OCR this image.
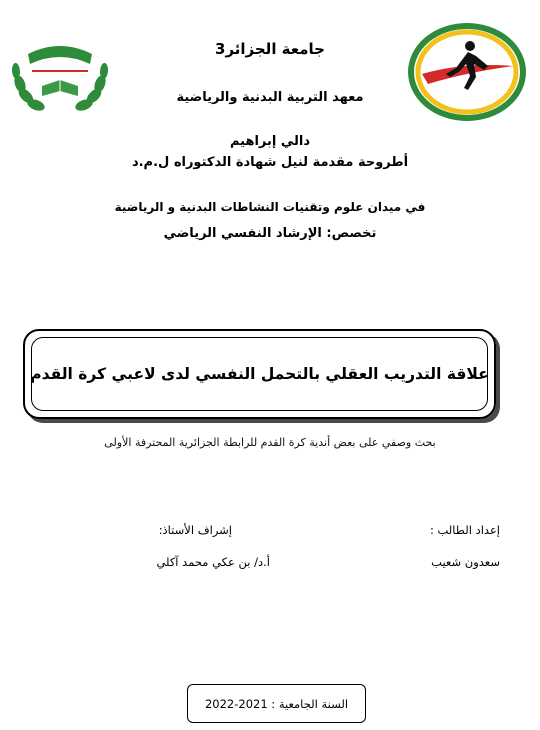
جامعة الجزائر3
معهد التربية البدنية والرياضية
دالي إبراهيم
أطروحة مقدمة لنيل شهادة الدكتوراه ل.م.د
في ميدان علوم وتقنيات النشاطات البدنية و الرياضية
تخصص: الإرشاد النفسي الرياضي
علاقة التدريب العقلي بالتحمل النفسي لدى لاعبي كرة القدم
بحث وصفي على بعض أندية كرة القدم للرابطة الجزائرية المحترفة الأولى
إعداد الطالب :
سعدون شعيب
إشراف الأستاذ:
أ.د/ بن عكي محمد آكلي
السنة الجامعية : 2021-2022
